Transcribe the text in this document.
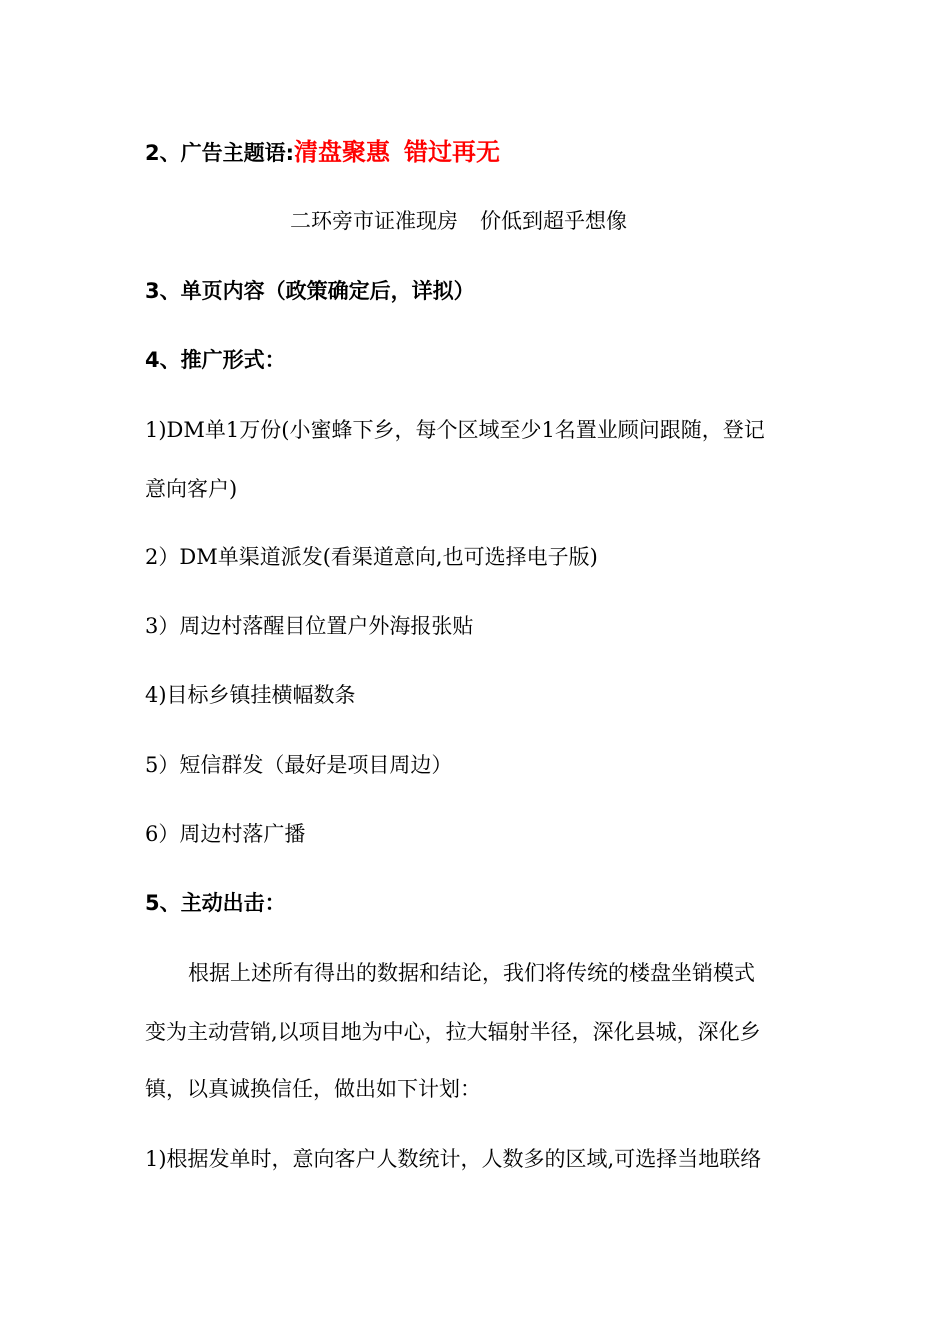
2、广告主题语:清盘聚惠 错过再无
二环旁市证准现房 价低到超乎想像
3、单页内容（政策确定后，详拟）
4、推广形式：
1)DM单1万份(小蜜蜂下乡，每个区域至少1名置业顾问跟随，登记
意向客户)
2）DM单渠道派发(看渠道意向,也可选择电子版)
3）周边村落醒目位置户外海报张贴
4)目标乡镇挂横幅数条
5）短信群发（最好是项目周边）
6）周边村落广播
5、主动出击：
根据上述所有得出的数据和结论，我们将传统的楼盘坐销模式
变为主动营销,以项目地为中心，拉大辐射半径，深化县城，深化乡
镇，以真诚换信任，做出如下计划：
1)根据发单时，意向客户人数统计，人数多的区域,可选择当地联络
